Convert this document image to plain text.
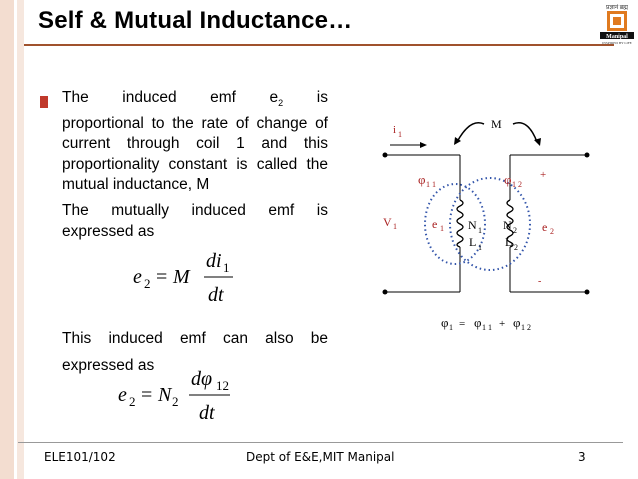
Self & Mutual Inductance…	प्रज्ञानं ब्रह्म
Manipal
INSPIRED BY LIFE
The induced emf $e_2$ is
proportional to the rate of change of current through coil 1 and this proportionality constant is called the mutual inductance, M
The mutually induced emf is expressed as
e 2 = M
di 1
dt
This induced emf can also be
expressed as
e 2 = N 2
dφ 12
dt
i 1
M
φ 1 1	φ 1 2
+
V 1	e 1 N 1
L 1
N 2
L 2
e 2
-
φ 1 = φ 1 1 + φ 1 2
ELE101/102	Dept of E&E,MIT Manipal	3
